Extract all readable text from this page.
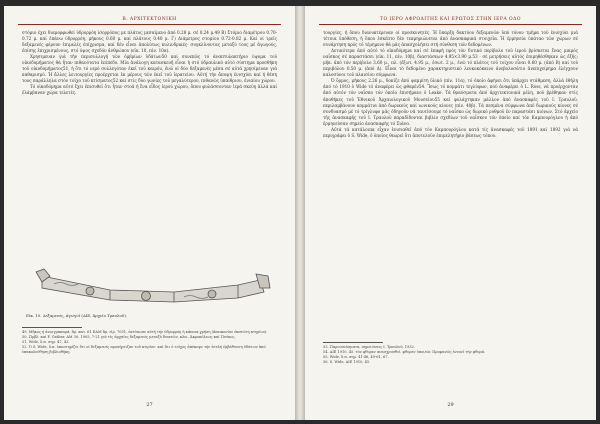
Β. ΑΡΧΙΤΕΚΤΟΝΙΚΗ

στόμιο έχει διαμορφωθεί ύδρορρόη ίσορρόπος με πλάτος μεσαίμενο ἀπό 0.28 μ. σέ 0.24 μ.49 Β) Στόμιο διαμέτρου 0.70-0.72 μ. καί ἐπάνω ύδρορρόη, μήκους 0.60 μ. καί πλάτους 0.40 μ. Γ) Διάμετρος στομίου 0.72-0.82 μ. Καί οί τρεῖς δεξαμενές φέρουν ἐπιμελές ἐπίχρισμα, καί δέν εἶναι ἀπολύτως κυλινδρικές· συγκλίνοντας μεταξύ τους μέ ἀγωγούς, ἐπίσης ἐπιχρισμένους, στό ύψος σχεδόν ἀνθρώπου (εἰκ. 10, πίν. 10α).

Χρησιμευαν γιά τήν περισυλλογή τῶν ὀμβρίων ὑδάτων50 καί συνεπῶς τό ἀναπτυλακτήριο ύψομα τοῦ οἰκοδομήματος θά ἦταν πιθανότατα ἐπίπεδο. Μία ἀνάλογη κατασκευή εἶναι ή στό ύδραυλικό αὐτό σύστημα προσθήκη τοῦ οἰκοδομήματος51, ή ὅτι τό νερό συλλεγόταν ἐκεῖ τοῦ καιρόυ, ἐνῶ οί δύο δεξαμενές μέσα σέ αὐτά χρησίμευαν γιά καθαρισμό. Ή ἄλλες λειτουργίες προέρχεται ἐκ μέρους τῶν ἐκεῖ τοῦ ἱερατείου. Αὐτή τήν ἄποψη ἐνισχύει καί ή θέση τους παράλληλα στόν τοῖχο τοῦ κτίσματος52 καί στίς δύο γωνίες τοῦ μεγαλύτερου, πιθανῶς ὑπαίθριου, ἐνιαίου χώρου.

Τό οἰκοδόμημα αὐτό ἔχει ἐπισυθεῖ ὅτι ἦταν στοά ή ἕνα εἶδος ἱερού χώρου, ὅπου φυλάσσονταν ἱερά σκεύη ἀλλά καί ἐλάμβαναν χώρα τελετές.

Εἰκ. 10. Δεξαμενές, ἀγωγοί (ΑΙΕ, Ἀρχεῖο Τραυλοῦ).
49. Μῆκος ή ἀνοιγμαπαρά, ἄρ. κατ. 61 ΕΑΜ ἄρ. εἰρ. 7051, ἐκτύπωσε αὐτή τήν ὑδρορρόη ή κάποια χρήση (ἀπεικονίσε ἐκπτώτη κτηρίου).
50. Πρβλ. καί F. Gräber, AM 30, 1905, 7-21 γιά τίς ἀρχαῖες δεξαμενές μεταξύ δεικτῶν, κλπ., Ἀκροπόλεως καί Πνύκος.
51. Wide, ὅ.π. σημ. 47, 43.
52. Ὁ S. Wide, ὅ.π. ὑποστηρίζει ὅτι οί δεξαμενές προσήρτιζαν τοῦ κτιρίου· καί ὅτι ὁ τοῖχος ἀπέκοψε τήν ἀτελή ἐμβάθυνση ὑδάτων ἀπό ἐπακολούθηση βιβλιοθήκη.
27
ΤΟ ΙΕΡΟ ΑΦΡΟΔΙΤΗΣ ΚΑΙ ΕΡΩΤΟΣ ΣΤΗΝ ΙΕΡΑ ΟΔΟ

τουργίες, ή ὅπου διανυκτέρευαν οί προσκυνητές. Ἡ ὕπαρξη δακτύου δεξαμενῶν ὑπό τόνον τμῆμα τοῦ ἐνισχύει μιά τέτοια ὑπόθεση, ή ὅπου ἐσκέπτο δέν τεκμηριώνεται ἀπό ἀνασκαφικά στοιχεῖα. Ἡ ἑρμηνεία ὑπάταο τῶν χώρων σέ συνάρτηση πρός τό τέμημενο θά μᾶς ἀπασχολήσει στή σύνθεση τῶν δεδομένων.

Δετικότερα ἀπό αὐτό τό οἰκοδόμημα καί σέ ἐπαφή πρός τόν δυτικό περίβολο τοῦ ἱεροῦ βρίσκεται ἕνας μικρός ναΐσκος σέ παραστάσει (εἰκ. 11, πίν. 10β), διαστάσεων 4.95×3.90 μ.53 · σέ μετρήσεις αὐτός ἐπιμηθέσθηκαν ὡς ἑξῆς: μῆκ. ἀπό τόν περίβολο 3.60 μ., πλ. (ἐξωτ. 4.95 μ., ἐσωτ. 2 μ., ἐνῶ τό πλάτος τοῦ τοίχου εἶναι 0.60 μ. (ἀπό Β) καί τοῦ περιβόλου 0.50 μ. (ἀπό Δ). Εἶναι τό δεδομένο χαρακτηριστικό λευκοκόκκινο ἀνεβολοσάτιο ἀνεπιχείρημα ἐλέγχουν καλοσύνοι τοῦ πλαισίου σύμφωνα.

Ὁ ὅρμος, μήκους 2.26 μ., δοκίζε ἀπό ψαμμίτη ὑλικό (πίν. 11α), τό ὁποῖο ἀφήνει ὅτι ὑπάρχει στάθμεση, ἀλλά ἐθήλη ἀπό τό 1910 ὁ Wide τό ἀναφέρει ὡς φθαρέν54. Ἴσως τό κομμάτι τεγλύφων, ποῦ ἀναφέρει ὁ L. Ross, νά προέρχονταν ἀπό αὐτόν τόν ναΐσκο τόν ὁποῖο ἐπισήμανε ὁ Leake. Τά θραύσματα ἀπό ἀρχιτεκτονικά μέλη, ποῦ βρέθηκαν στίς ἀποθήκες τοῦ Ἐθνικοῦ Ἀρχαιολογικοῦ Μουσείου55 καί φυλάχτηκαν μάλλον ἀπό ἀνασκαφές τοῦ Ι. Τραυλοῦ, περιλαμβάνουν κομμάτια ἀπό δωρικούς καί ιωνικούς κίονες (πίν. 40β). Τά πεσμένα σύμφωνα ἀπό δωρικούς κίονες σέ συνδυασμό μέ τό τρίγλυφο μᾶς ὁδηγοῦν νά ταυτίσουμε τό ναΐσκο ὡς δωρικό ρυθμοῦ ἐν παραστάσι κιόνων. Στό ἀρχεῖο τῆς ἀνασκαφῆς τοῦ Ι. Τραυλοῦ παραδίδονται βιβλίο σχεδίων τοῦ ναΐσκου τόν ὁποῖο καί τόν Καμπουρόγλου ή ἀπό ἐρμηνεύσαν σημείο ἀνασκαφής τό Σιάνο.

Αὐτά τά κατάλοιπα εἶχαν ἐνισιαθεῖ ἀπό τόν Καμπουρόγλου κατά τίς ἀνασκαφές τοῦ 1891 καί 1892 γιά νά περιγράφει ὁ S. Wide, ὁ ὁποῖος θεωρεῖ ὅτι ἀποτελοῦν ἐπιμελητήριο βάσεως τόπου.

53. Παρουσιάσματα, σημειώσεις Ι. Τραυλοῦ, 1932.
54. ΑΙΕ 1910, 45. τόν φθορεν ανασχρυσθεί. φθορεν ὑποιεῖο: Προφανῶς ἐννοεῖ τήν φθορά.
55. Wide, ὅ.π. σημ. 41-46, 49-61, 67.
56. S. Wide, ΑΙΕ 1910, 45.
29
